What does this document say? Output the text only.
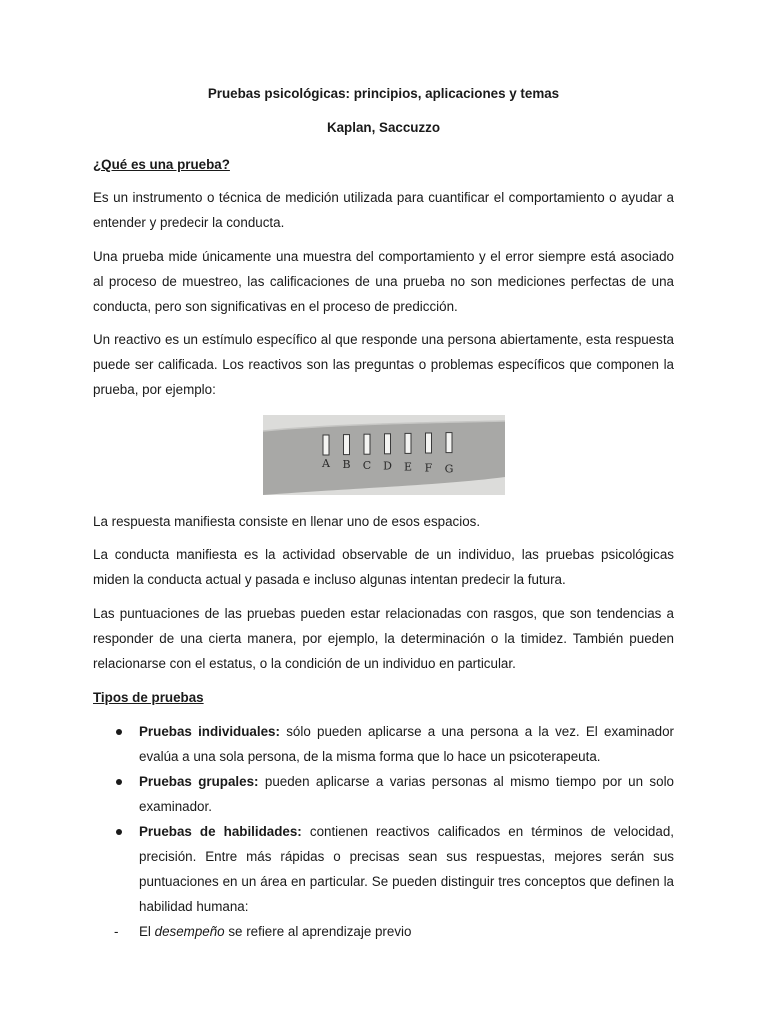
Pruebas psicológicas: principios, aplicaciones y temas
Kaplan, Saccuzzo
¿Qué es una prueba?
Es un instrumento o técnica de medición utilizada para cuantificar el comportamiento o ayudar a entender y predecir la conducta.
Una prueba mide únicamente una muestra del comportamiento y el error siempre está asociado al proceso de muestreo, las calificaciones de una prueba no son mediciones perfectas de una conducta, pero son significativas en el proceso de predicción.
Un reactivo es un estímulo específico al que responde una persona abiertamente, esta respuesta puede ser calificada. Los reactivos son las preguntas o problemas específicos que componen la prueba, por ejemplo:
A B C D E F G
La respuesta manifiesta consiste en llenar uno de esos espacios.
La conducta manifiesta es la actividad observable de un individuo, las pruebas psicológicas miden la conducta actual y pasada e incluso algunas intentan predecir la futura.
Las puntuaciones de las pruebas pueden estar relacionadas con rasgos, que son tendencias a responder de una cierta manera, por ejemplo, la determinación o la timidez. También pueden relacionarse con el estatus, o la condición de un individuo en particular.
Tipos de pruebas
Pruebas individuales: sólo pueden aplicarse a una persona a la vez. El examinador evalúa a una sola persona, de la misma forma que lo hace un psicoterapeuta.
Pruebas grupales: pueden aplicarse a varias personas al mismo tiempo por un solo examinador.
Pruebas de habilidades: contienen reactivos calificados en términos de velocidad, precisión. Entre más rápidas o precisas sean sus respuestas, mejores serán sus puntuaciones en un área en particular. Se pueden distinguir tres conceptos que definen la habilidad humana:
- El desempeño se refiere al aprendizaje previo
